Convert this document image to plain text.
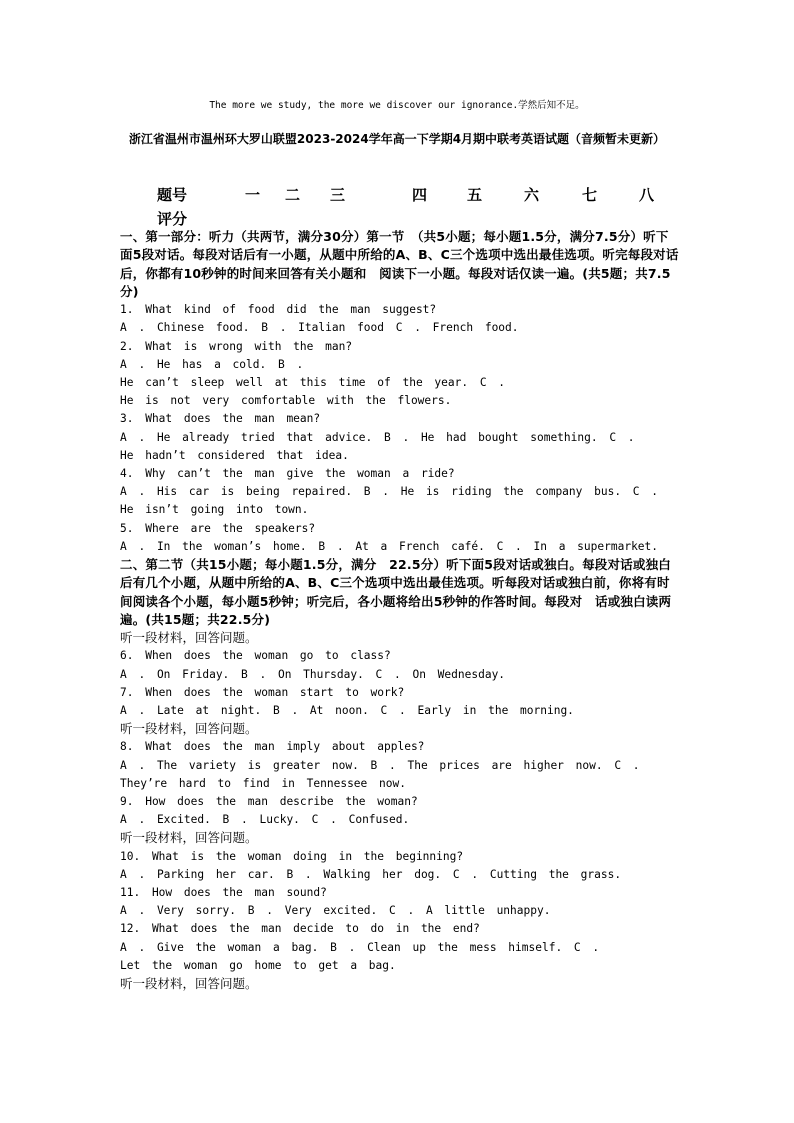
The more we study, the more we discover our ignorance.学然后知不足。
浙江省温州市温州环大罗山联盟2023-2024学年高一下学期4月期中联考英语试题（音频暂未更新）
题号	一 二 三	四	五	六	七	八
评分
一、第一部分：听力（共两节，满分30分）第一节　（共5小题；每小题1.5分，满分7.5分）听下面5段对话。每段对话后有一小题，从题中所给的A、B、C三个选项中选出最佳选项。听完每段对话后，你都有10秒钟的时间来回答有关小题和　阅读下一小题。每段对话仅读一遍。(共5题；共7.5分)
1. What kind of food did the man suggest?
A . Chinese food. B . Italian food C . French food.
2. What is wrong with the man?
A . He has a cold. B .
He can’t sleep well at this time of the year. C .
He is not very comfortable with the flowers.
3. What does the man mean?
A . He already tried that advice. B . He had bought something. C .
He hadn’t considered that idea.
4. Why can’t the man give the woman a ride?
A . His car is being repaired. B . He is riding the company bus. C .
He isn’t going into town.
5. Where are the speakers?
A . In the woman’s home. B . At a French café. C . In a supermarket.
二、第二节（共15小题；每小题1.5分，满分　22.5分）听下面5段对话或独白。每段对话或独白后有几个小题，从题中所给的A、B、C三个选项中选出最佳选项。听每段对话或独白前，你将有时间阅读各个小题，每小题5秒钟；听完后，各小题将给出5秒钟的作答时间。每段对　话或独白读两遍。(共15题；共22.5分)
听一段材料，回答问题。
6. When does the woman go to class?
A . On Friday. B . On Thursday. C . On Wednesday.
7. When does the woman start to work?
A . Late at night. B . At noon. C . Early in the morning.
听一段材料，回答问题。
8. What does the man imply about apples?
A . The variety is greater now. B . The prices are higher now. C .
They’re hard to find in Tennessee now.
9. How does the man describe the woman?
A . Excited. B . Lucky. C . Confused.
听一段材料，回答问题。
10. What is the woman doing in the beginning?
A . Parking her car. B . Walking her dog. C . Cutting the grass.
11. How does the man sound?
A . Very sorry. B . Very excited. C . A little unhappy.
12. What does the man decide to do in the end?
A . Give the woman a bag. B . Clean up the mess himself. C .
Let the woman go home to get a bag.
听一段材料，回答问题。
